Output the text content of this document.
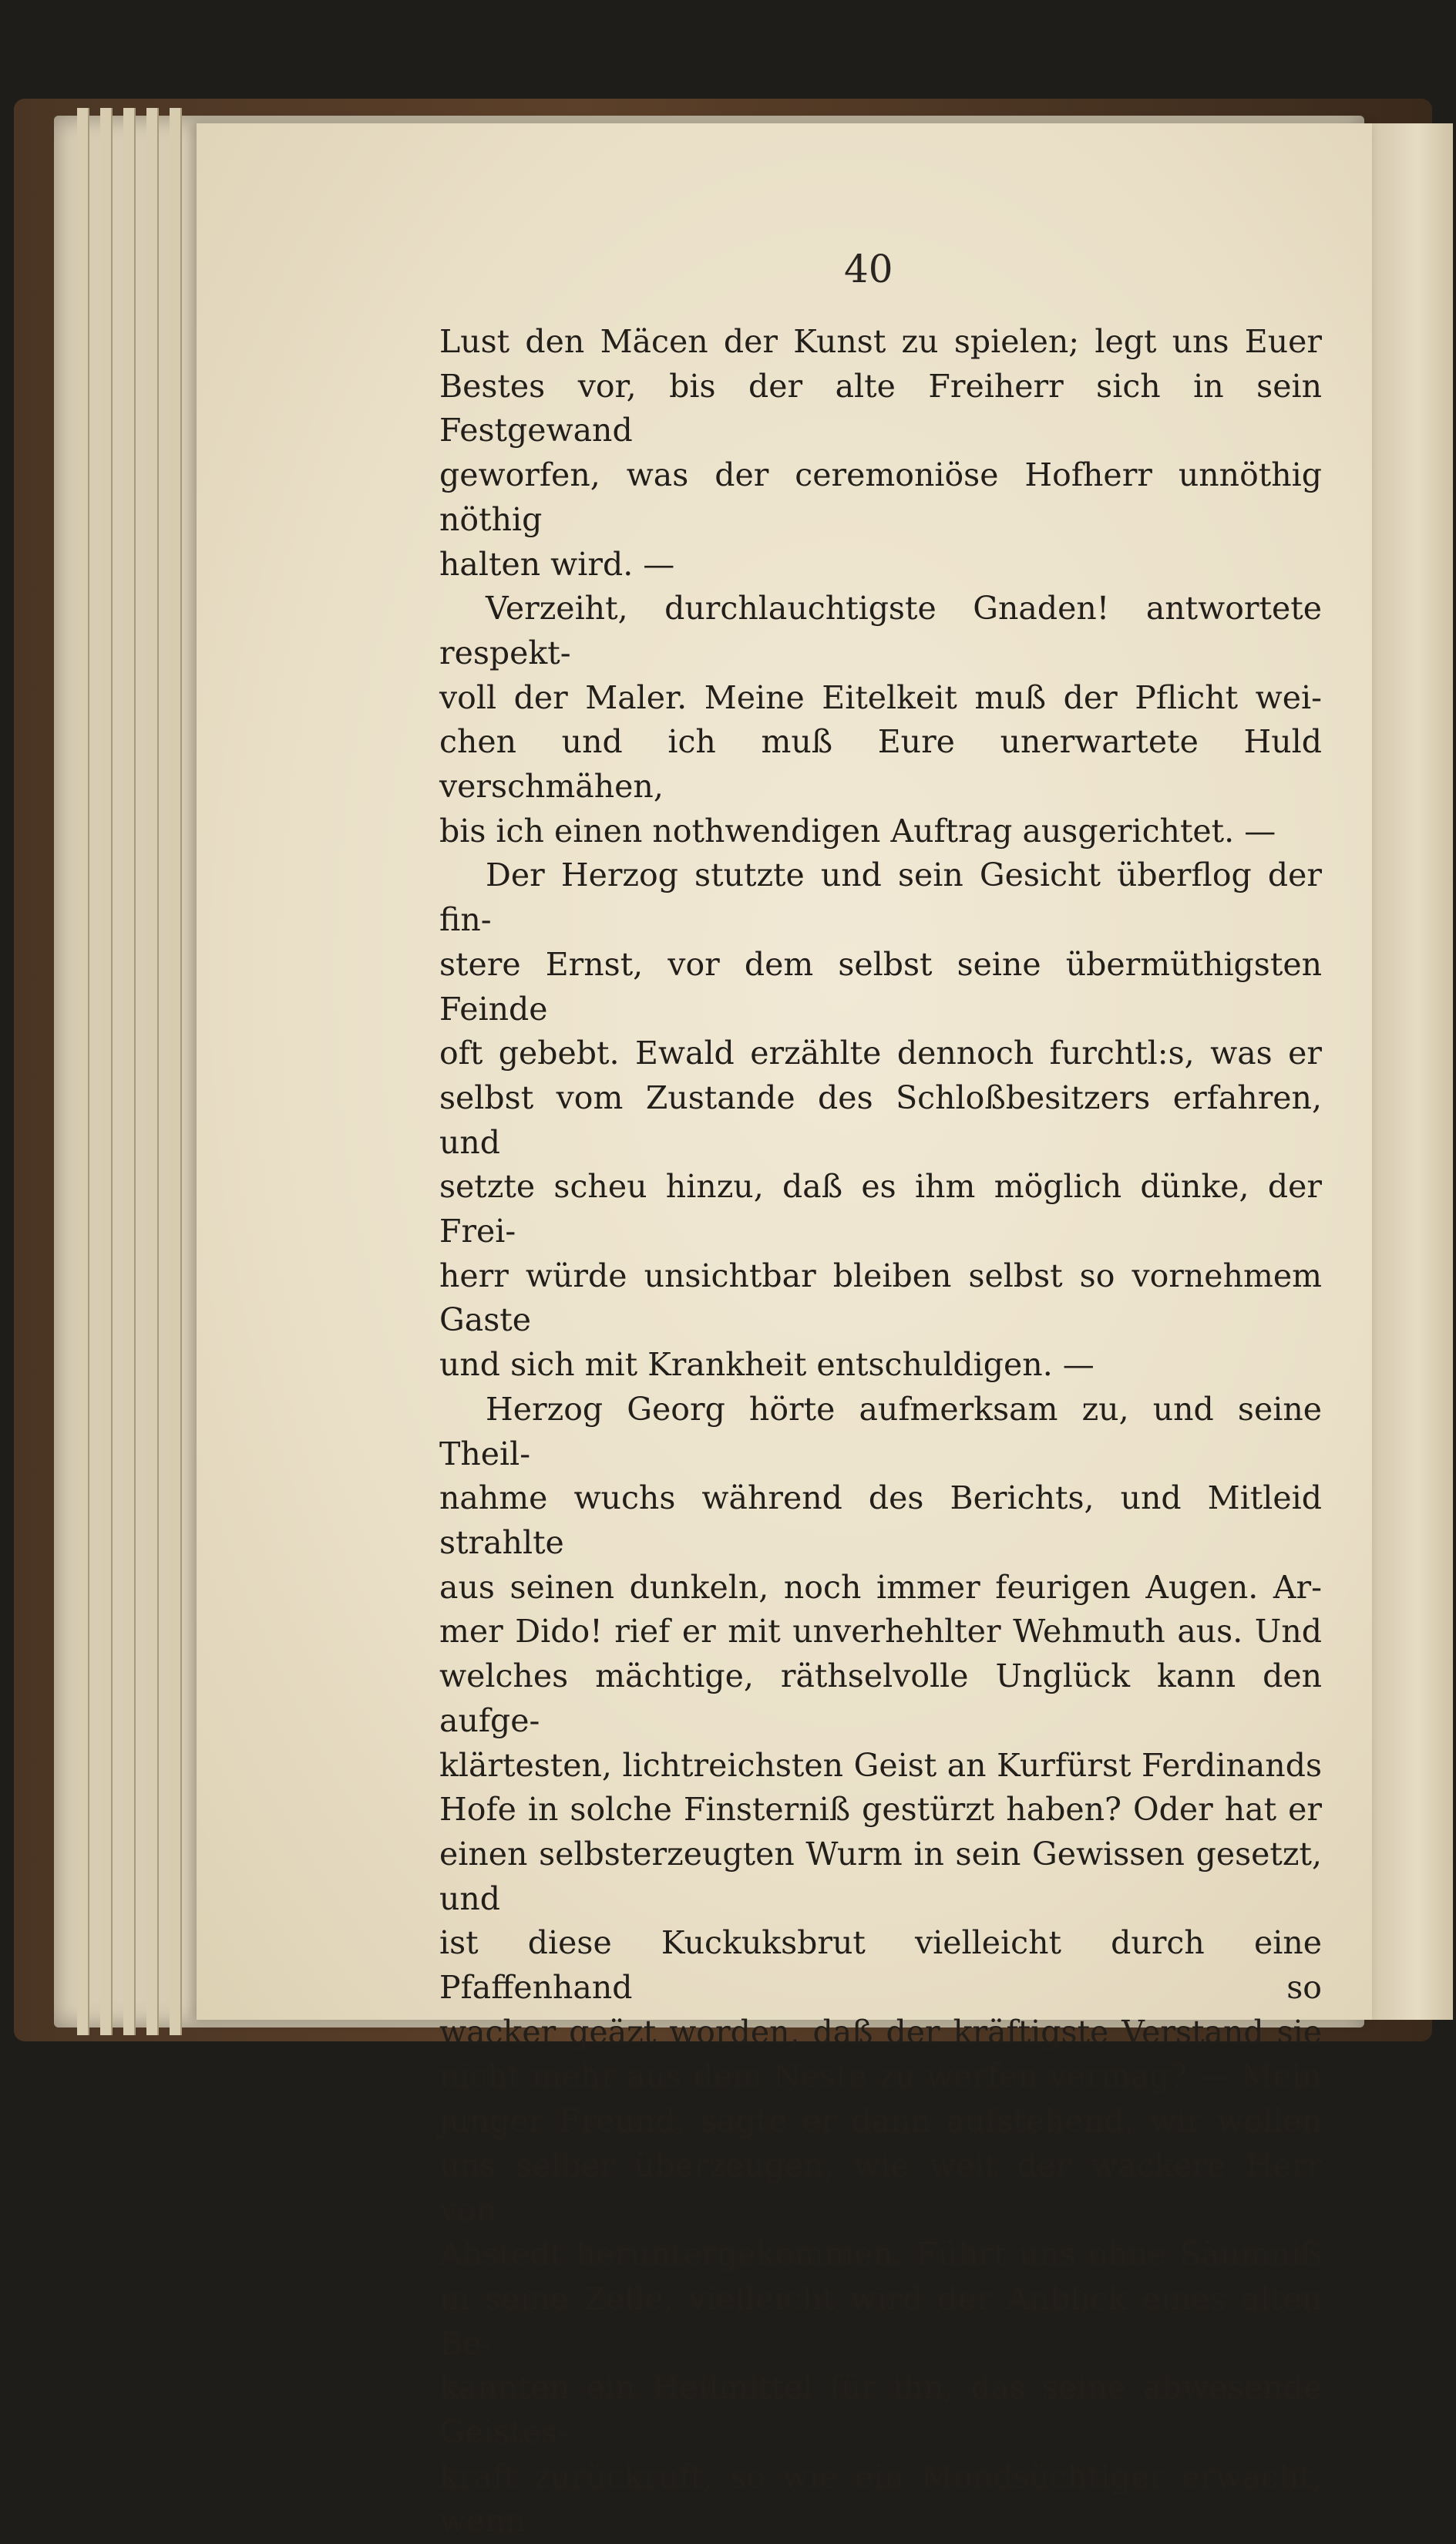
40

Lust den Mäcen der Kunst zu spielen; legt uns Euer

Bestes vor, bis der alte Freiherr sich in sein Festgewand

geworfen, was der ceremoniöse Hofherr unnöthig nöthig

halten wird. —

Verzeiht, durchlauchtigste Gnaden! antwortete respekt-

voll der Maler. Meine Eitelkeit muß der Pflicht wei-

chen und ich muß Eure unerwartete Huld verschmähen,

bis ich einen nothwendigen Auftrag ausgerichtet. —

Der Herzog stutzte und sein Gesicht überflog der fin-

stere Ernst, vor dem selbst seine übermüthigsten Feinde

oft gebebt. Ewald erzählte dennoch furchtl:s, was er

selbst vom Zustande des Schloßbesitzers erfahren, und

setzte scheu hinzu, daß es ihm möglich dünke, der Frei-

herr würde unsichtbar bleiben selbst so vornehmem Gaste

und sich mit Krankheit entschuldigen. —

Herzog Georg hörte aufmerksam zu, und seine Theil-

nahme wuchs während des Berichts, und Mitleid strahlte

aus seinen dunkeln, noch immer feurigen Augen. Ar-

mer Dido! rief er mit unverhehlter Wehmuth aus. Und

welches mächtige, räthselvolle Unglück kann den aufge-

klärtesten, lichtreichsten Geist an Kurfürst Ferdinands

Hofe in solche Finsterniß gestürzt haben? Oder hat er

einen selbsterzeugten Wurm in sein Gewissen gesetzt, und

ist diese Kuckuksbrut vielleicht durch eine Pfaffenhand so

wacker geäzt worden, daß der kräftigste Verstand sie

nicht mehr aus dem Neste zu werfen vermag? — Mein

junger Freund, sagte er dann aufstehend, wir wollen

uns selber überzeugen, wie weit der wackere Herr von

Ahstedt heruntergekommen. Führt uns ohne Säumniß

in seine Zelle, vielleicht wird der Anblick eines alten Be-

kannten ein Heilmittel für ihn, das seine abwesende Geistes-

kraft zurückruft, so wie ein Mondsüchtiger erwacht, wenn
